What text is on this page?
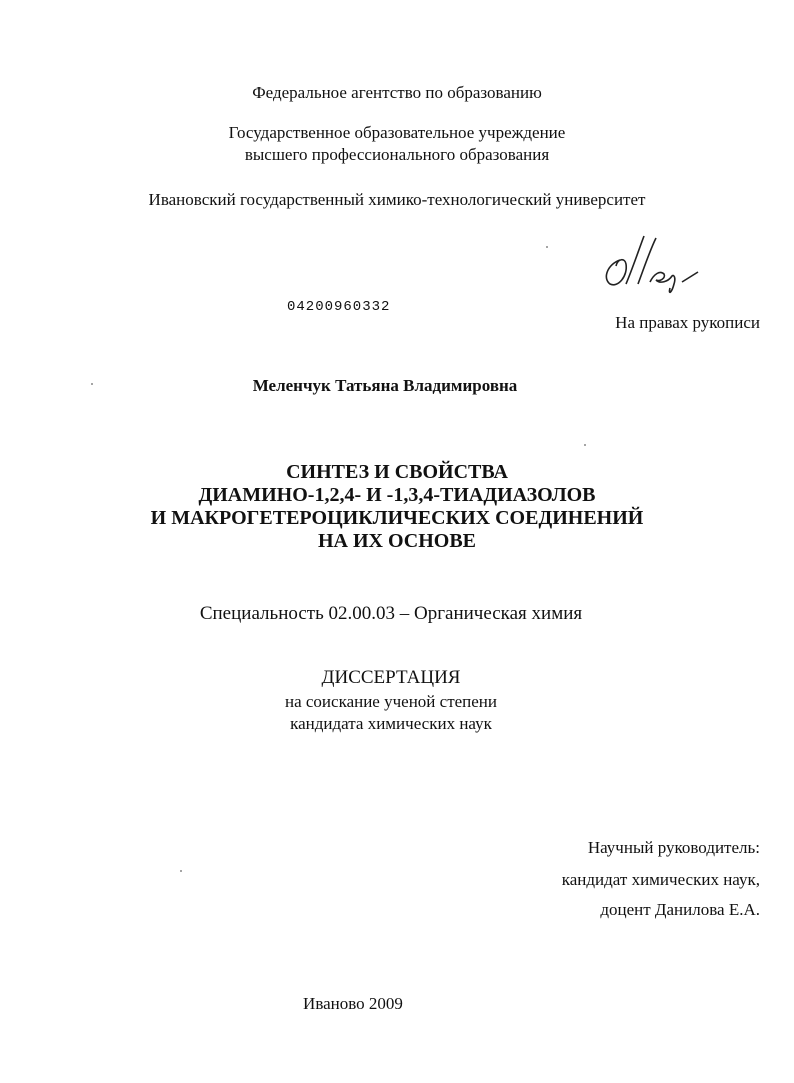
Федеральное агентство по образованию
Государственное образовательное учреждение
высшего профессионального образования
Ивановский государственный химико-технологический университет
04200960332
На правах рукописи
Меленчук Татьяна Владимировна
СИНТЕЗ И СВОЙСТВА
ДИАМИНО-1,2,4- И -1,3,4-ТИАДИАЗОЛОВ
И МАКРОГЕТЕРОЦИКЛИЧЕСКИХ СОЕДИНЕНИЙ
НА ИХ ОСНОВЕ
Специальность 02.00.03 – Органическая химия
ДИССЕРТАЦИЯ
на соискание ученой степени
кандидата химических наук
Научный руководитель:
кандидат химических наук,
доцент Данилова Е.А.
Иваново 2009
